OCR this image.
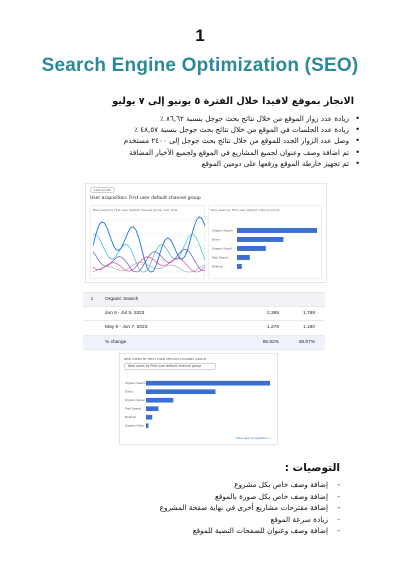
1
Search Engine Optimization (SEO)
الانجاز بموقع لافيدا خلال الفترة ٥ يونيو إلى ٧ يوليو
• زيادة عدد زوار الموقع من خلال نتائج بحث جوجل بنسبة ٨٦,٦٢ ٪
• زيادة عدد الجلسات في الموقع من خلال نتائج بحث جوجل بنسبة ٤٨,٥٧ ٪
• وصل عدد الزوار الجدد للموقع من خلال نتائج بحث جوجل إلى ٢٤٠٠ مستخدم
• تم اضافة وصف وعنوان لجميع المشاريع في الموقع ولجميع الأخبار المضافة
• تم تجهيز خارطة الموقع ورفعها على دومين الموقع
Last month
User acquisition: First user default channel group
New users by First user default channel group over time	New users by First user default channel group
Organic Search
Direct
Organic Social
Paid Search
Referral
1	Organic Search
Jun 6 - Jul 5, 2023	2,385	1,768
May 9 - Jun 7, 2023	1,278	1,190
% change	86.62%	48.57%
NEW USERS BY FIRST USER DEFAULT CHANNEL GROUP
New users by First user default channel group
Organic Search
Direct
Organic Social
Paid Search
Referral
Organic Video
View user acquisition →
التوصيات :
- إضافة وصف خاص بكل مشروع
- إضافة وصف خاص بكل صورة بالموقع
- إضافة مقترحات مشاريع أخرى في نهاية صفحة المشروع
- زيادة سرعة الموقع
- إضافة وصف وعنوان للصفحات النصية للموقع
